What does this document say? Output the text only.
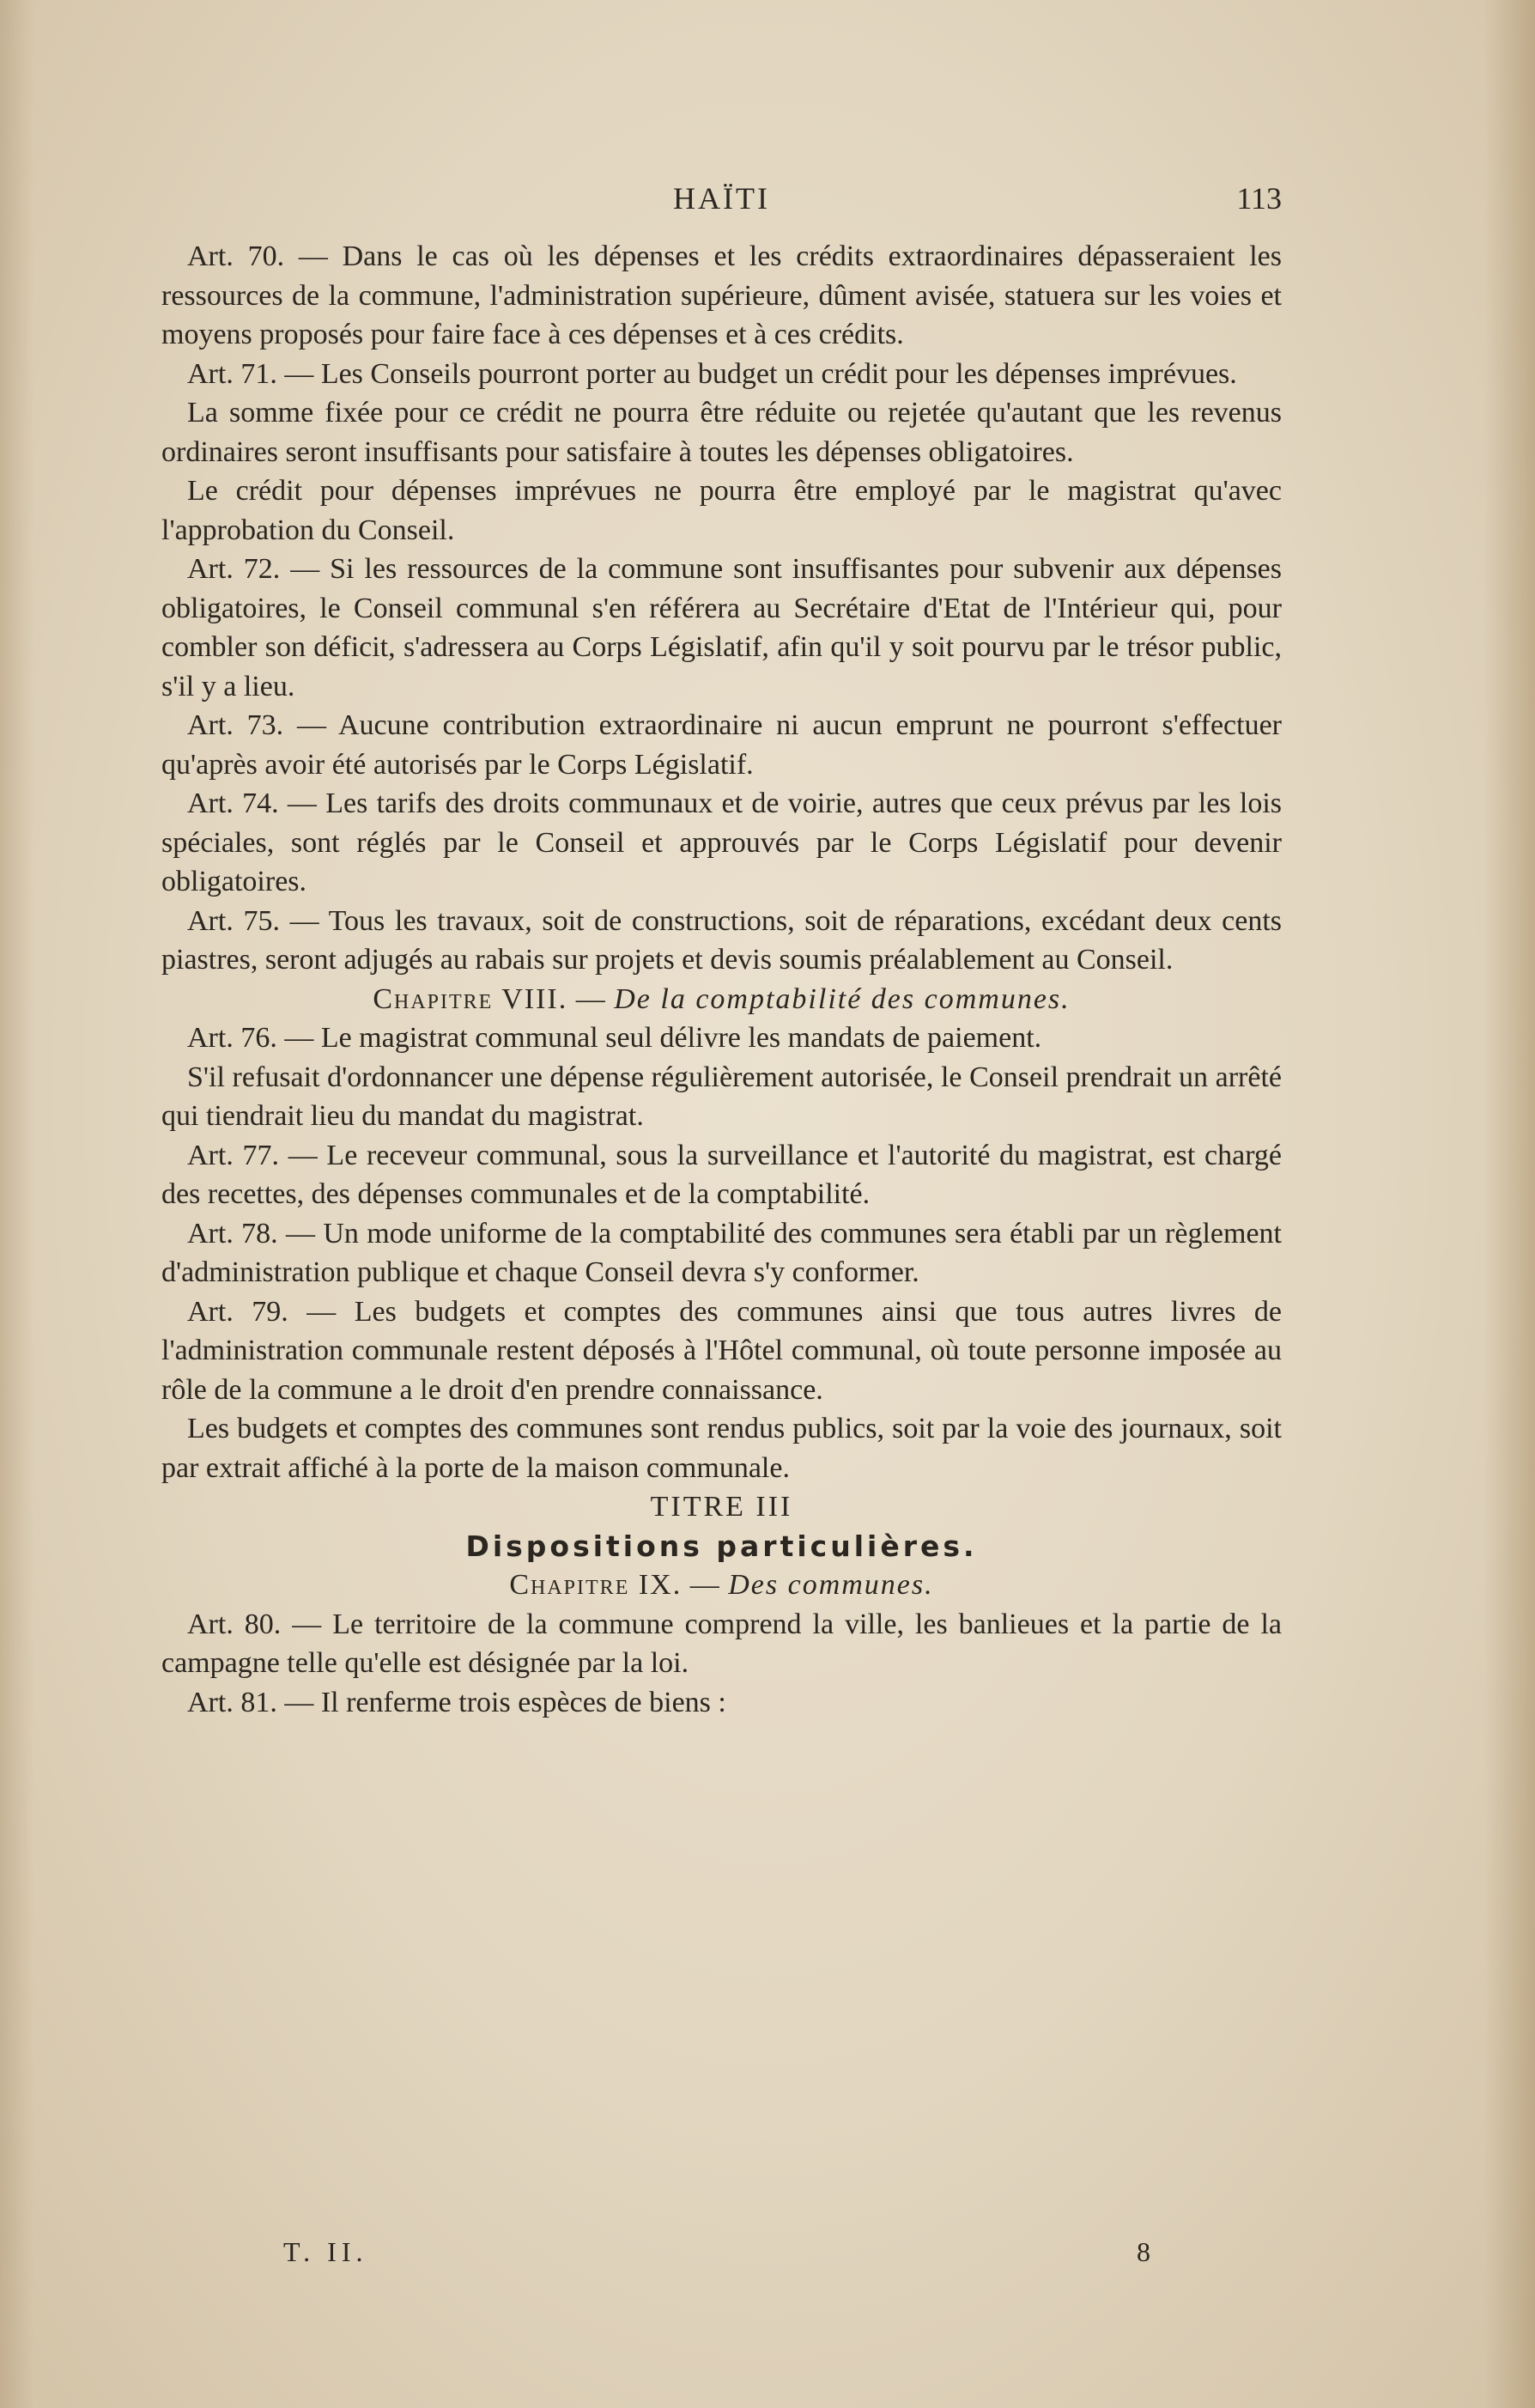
HAÏTI	113

Art. 70. — Dans le cas où les dépenses et les crédits extraordinaires dépasseraient les ressources de la commune, l'administration supérieure, dûment avisée, statuera sur les voies et moyens proposés pour faire face à ces dépenses et à ces crédits.

Art. 71. — Les Conseils pourront porter au budget un crédit pour les dépenses imprévues.

La somme fixée pour ce crédit ne pourra être réduite ou rejetée qu'autant que les revenus ordinaires seront insuffisants pour satisfaire à toutes les dépenses obligatoires.

Le crédit pour dépenses imprévues ne pourra être employé par le magistrat qu'avec l'approbation du Conseil.

Art. 72. — Si les ressources de la commune sont insuffisantes pour subvenir aux dépenses obligatoires, le Conseil communal s'en référera au Secrétaire d'Etat de l'Intérieur qui, pour combler son déficit, s'adressera au Corps Législatif, afin qu'il y soit pourvu par le trésor public, s'il y a lieu.

Art. 73. — Aucune contribution extraordinaire ni aucun emprunt ne pourront s'effectuer qu'après avoir été autorisés par le Corps Législatif.

Art. 74. — Les tarifs des droits communaux et de voirie, autres que ceux prévus par les lois spéciales, sont réglés par le Conseil et approuvés par le Corps Législatif pour devenir obligatoires.

Art. 75. — Tous les travaux, soit de constructions, soit de réparations, excédant deux cents piastres, seront adjugés au rabais sur projets et devis soumis préalablement au Conseil.

Chapitre VIII. — De la comptabilité des communes.

Art. 76. — Le magistrat communal seul délivre les mandats de paiement.

S'il refusait d'ordonnancer une dépense régulièrement autorisée, le Conseil prendrait un arrêté qui tiendrait lieu du mandat du magistrat.

Art. 77. — Le receveur communal, sous la surveillance et l'autorité du magistrat, est chargé des recettes, des dépenses communales et de la comptabilité.

Art. 78. — Un mode uniforme de la comptabilité des communes sera établi par un règlement d'administration publique et chaque Conseil devra s'y conformer.

Art. 79. — Les budgets et comptes des communes ainsi que tous autres livres de l'administration communale restent déposés à l'Hôtel communal, où toute personne imposée au rôle de la commune a le droit d'en prendre connaissance.

Les budgets et comptes des communes sont rendus publics, soit par la voie des journaux, soit par extrait affiché à la porte de la maison communale.

TITRE III

Dispositions particulières.

Chapitre IX. — Des communes.

Art. 80. — Le territoire de la commune comprend la ville, les banlieues et la partie de la campagne telle qu'elle est désignée par la loi.

Art. 81. — Il renferme trois espèces de biens :

T. II.	8
